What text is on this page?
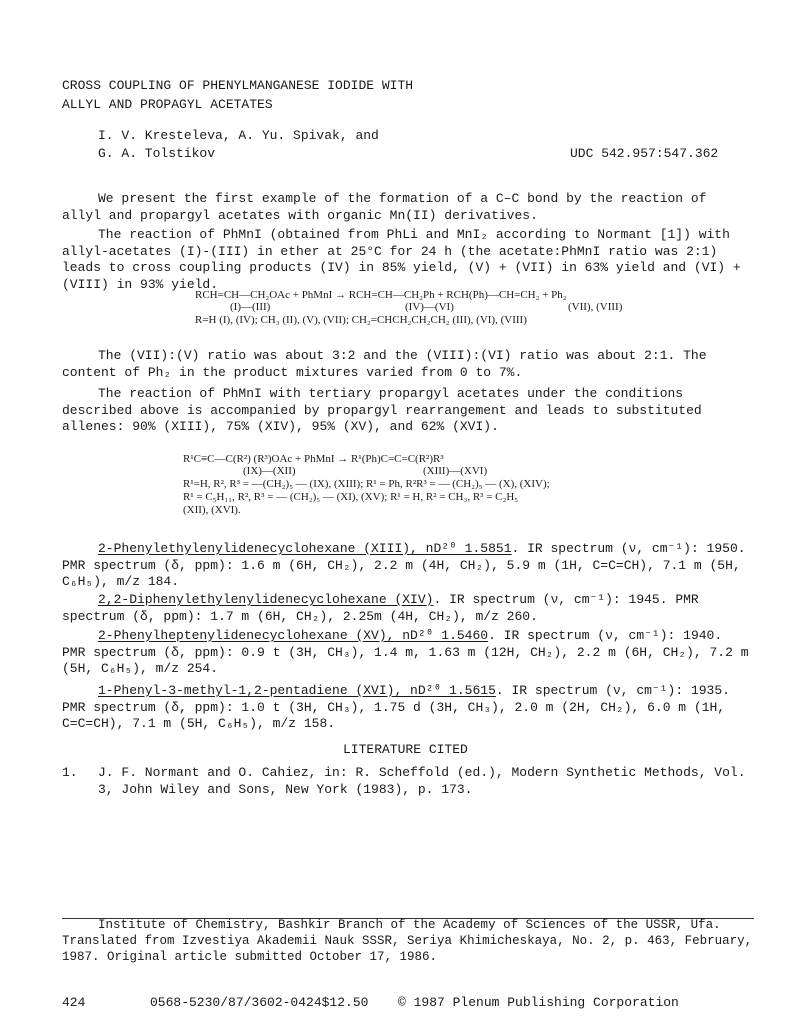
CROSS COUPLING OF PHENYLMANGANESE IODIDE WITH
ALLYL AND PROPAGYL ACETATES
I. V. Kresteleva, A. Yu. Spivak, and
G. A. Tolstikov	UDC 542.957:547.362

We present the first example of the formation of a C–C bond by the reaction of allyl and propargyl acetates with organic Mn(II) derivatives.

The reaction of PhMnI (obtained from PhLi and MnI₂ according to Normant [1]) with allyl-acetates (I)-(III) in ether at 25°C for 24 h (the acetate:PhMnI ratio was 2:1) leads to cross coupling products (IV) in 85% yield, (V) + (VII) in 63% yield and (VI) + (VIII) in 93% yield.

RCH=CH—CH₂OAc + PhMnI → RCH=CH—CH₂Ph + RCH(Ph)—CH=CH₂ + Ph₂
(I)—(III)	(IV)—(VI)	(VII), (VIII)
R=H (I), (IV); CH₃ (II), (V), (VII); CH₂=CHCH₂CH₂CH₂ (III), (VI), (VIII)

The (VII):(V) ratio was about 3:2 and the (VIII):(VI) ratio was about 2:1. The content of Ph₂ in the product mixtures varied from 0 to 7%.

The reaction of PhMnI with tertiary propargyl acetates under the conditions described above is accompanied by propargyl rearrangement and leads to substituted allenes: 90% (XIII), 75% (XIV), 95% (XV), and 62% (XVI).

R¹C≡C—C(R²) (R³)OAc + PhMnI → R¹(Ph)C=C=C(R²)R³
(IX)—(XII)	(XIII)—(XVI)
R¹=H, R², R³ = —(CH₂)₅ — (IX), (XIII); R¹ = Ph, R²R³ = — (CH₂)₅ — (X), (XIV);
R¹ = C₅H₁₁, R², R³ = — (CH₂)₅ — (XI), (XV); R¹ = H, R² = CH₃, R³ = C₂H₅
(XII), (XVI).

2-Phenylethylenylidenecyclohexane (XIII), nD²⁰ 1.5851. IR spectrum (ν, cm⁻¹): 1950. PMR spectrum (δ, ppm): 1.6 m (6H, CH₂), 2.2 m (4H, CH₂), 5.9 m (1H, C=C=CH), 7.1 m (5H, C₆H₅), m/z 184.

2,2-Diphenylethylenylidenecyclohexane (XIV). IR spectrum (ν, cm⁻¹): 1945. PMR spectrum (δ, ppm): 1.7 m (6H, CH₂), 2.25m (4H, CH₂), m/z 260.

2-Phenylheptenylidenecyclohexane (XV), nD²⁰ 1.5460. IR spectrum (ν, cm⁻¹): 1940. PMR spectrum (δ, ppm): 0.9 t (3H, CH₃), 1.4 m, 1.63 m (12H, CH₂), 2.2 m (6H, CH₂), 7.2 m (5H, C₆H₅), m/z 254.

1-Phenyl-3-methyl-1,2-pentadiene (XVI), nD²⁰ 1.5615. IR spectrum (ν, cm⁻¹): 1935. PMR spectrum (δ, ppm): 1.0 t (3H, CH₃), 1.75 d (3H, CH₃), 2.0 m (2H, CH₂), 6.0 m (1H, C=C=CH), 7.1 m (5H, C₆H₅), m/z 158.

LITERATURE CITED
1. J. F. Normant and O. Cahiez, in: R. Scheffold (ed.), Modern Synthetic Methods, Vol. 3, John Wiley and Sons, New York (1983), p. 173.

Institute of Chemistry, Bashkir Branch of the Academy of Sciences of the USSR, Ufa.
Translated from Izvestiya Akademii Nauk SSSR, Seriya Khimicheskaya, No. 2, p. 463, February,
1987. Original article submitted October 17, 1986.
424	0568-5230/87/3602-0424$12.50 © 1987 Plenum Publishing Corporation
